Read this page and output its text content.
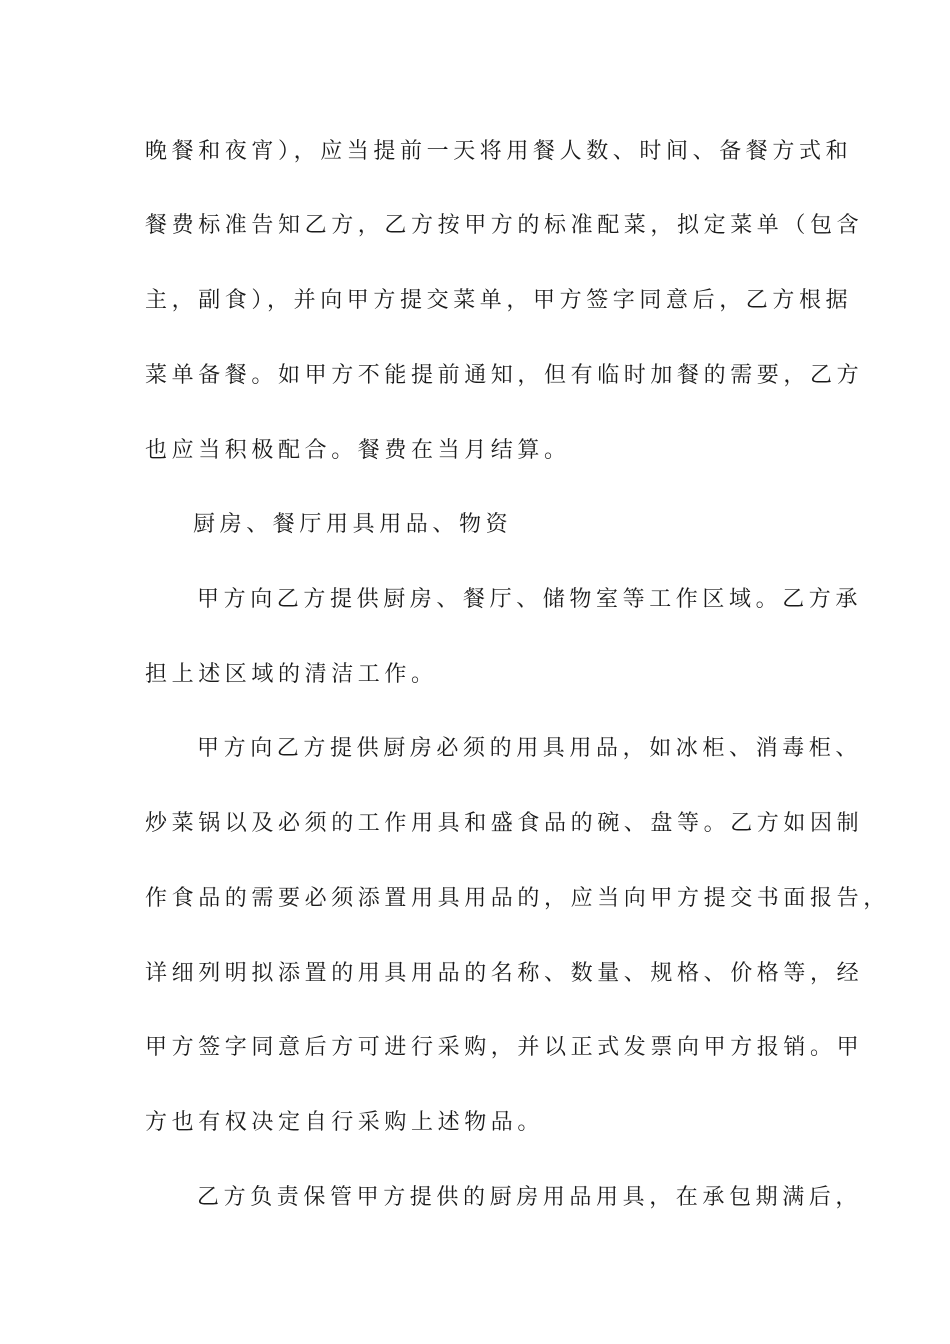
晚餐和夜宵），应当提前一天将用餐人数、时间、备餐方式和
餐费标准告知乙方，乙方按甲方的标准配菜，拟定菜单（包含
主，副食），并向甲方提交菜单，甲方签字同意后，乙方根据
菜单备餐。如甲方不能提前通知，但有临时加餐的需要，乙方
也应当积极配合。餐费在当月结算。
厨房、餐厅用具用品、物资
甲方向乙方提供厨房、餐厅、储物室等工作区域。乙方承
担上述区域的清洁工作。
甲方向乙方提供厨房必须的用具用品，如冰柜、消毒柜、
炒菜锅以及必须的工作用具和盛食品的碗、盘等。乙方如因制
作食品的需要必须添置用具用品的，应当向甲方提交书面报告，
详细列明拟添置的用具用品的名称、数量、规格、价格等，经
甲方签字同意后方可进行采购，并以正式发票向甲方报销。甲
方也有权决定自行采购上述物品。
乙方负责保管甲方提供的厨房用品用具，在承包期满后，
